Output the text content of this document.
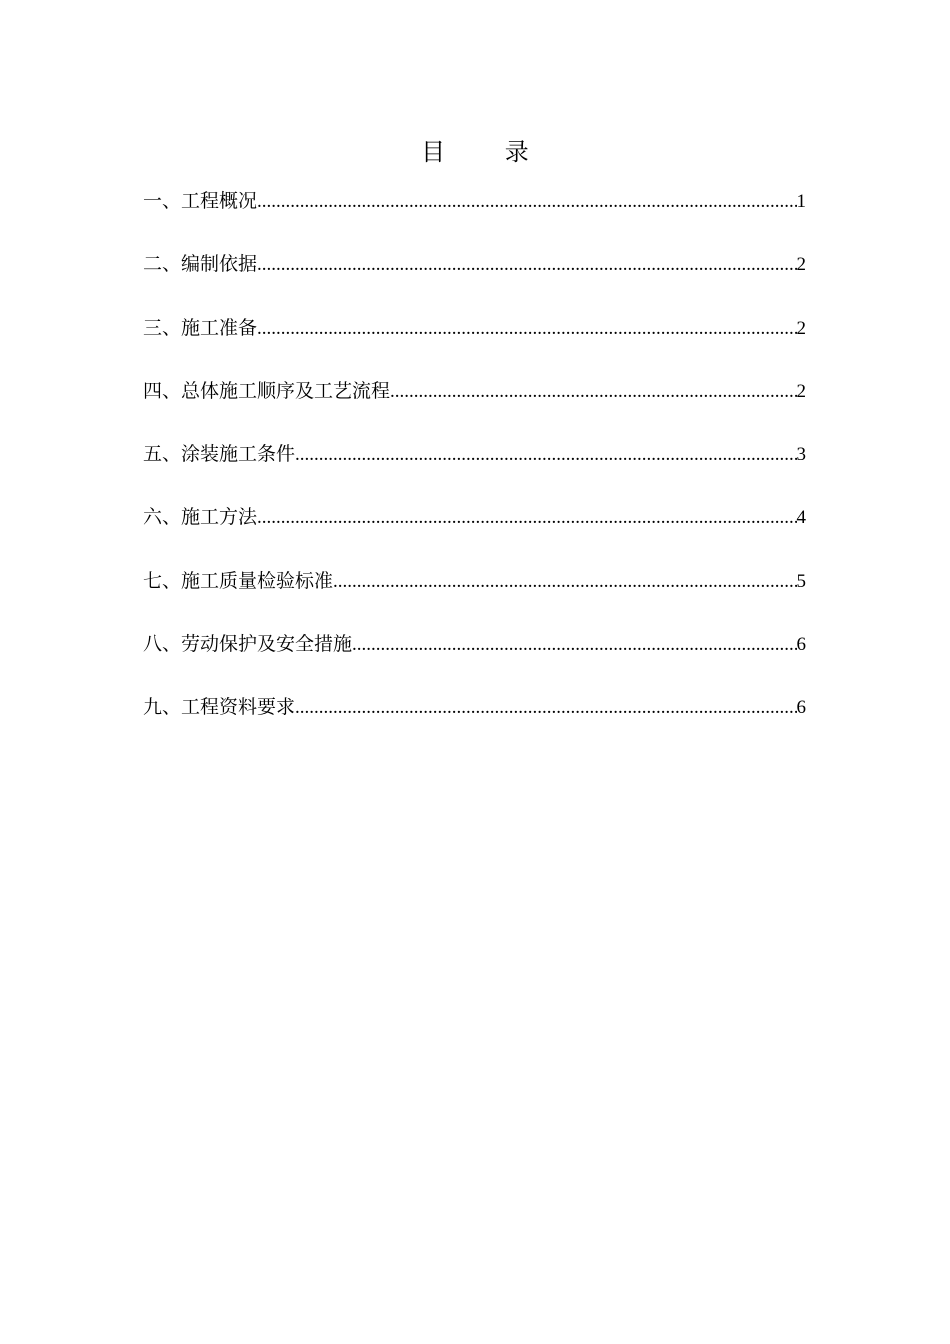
目 录
一、工程概况 .....	1
二、编制依据 .....	2
三、施工准备 .....	2
四、总体施工顺序及工艺流程 .....	2
五、涂装施工条件 .....	3
六、施工方法 .....	4
七、施工质量检验标准 .....	5
八、劳动保护及安全措施 .....	6
九、工程资料要求 .....	6
